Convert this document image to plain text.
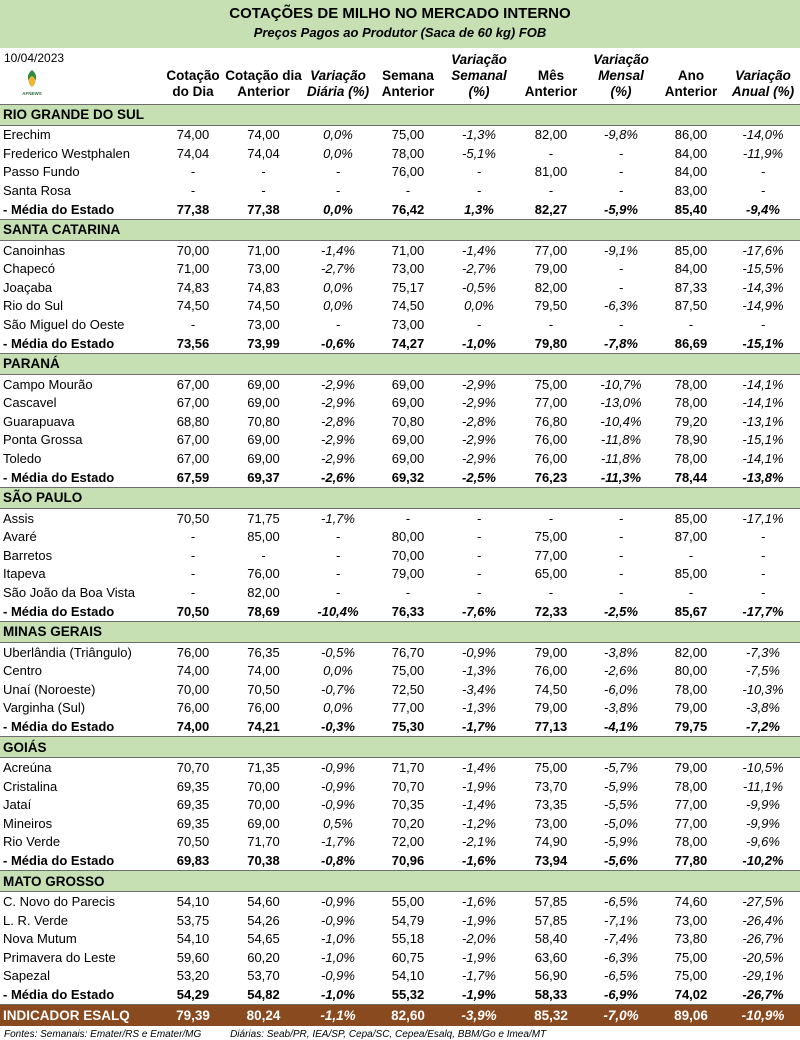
COTAÇÕES DE MILHO NO MERCADO INTERNO
Preços Pagos ao Produtor (Saca de 60 kg) FOB
10/04/2023
AFNEWS	Cotação do Dia	Cotação dia Anterior	Variação Diária (%)	Semana Anterior	Variação Semanal (%)	Mês Anterior	Variação Mensal (%)	Ano Anterior	Variação Anual (%)
RIO GRANDE DO SUL									
Erechim	74,00	74,00	0,0%	75,00	-1,3%	82,00	-9,8%	86,00	-14,0%
Frederico Westphalen	74,04	74,04	0,0%	78,00	-5,1%	-	-	84,00	-11,9%
Passo Fundo	-	-	-	76,00	-	81,00	-	84,00	-
Santa Rosa	-	-	-	-	-	-	-	83,00	-
- Média do Estado	77,38	77,38	0,0%	76,42	1,3%	82,27	-5,9%	85,40	-9,4%
SANTA CATARINA									
Canoinhas	70,00	71,00	-1,4%	71,00	-1,4%	77,00	-9,1%	85,00	-17,6%
Chapecó	71,00	73,00	-2,7%	73,00	-2,7%	79,00	-	84,00	-15,5%
Joaçaba	74,83	74,83	0,0%	75,17	-0,5%	82,00	-	87,33	-14,3%
Rio do Sul	74,50	74,50	0,0%	74,50	0,0%	79,50	-6,3%	87,50	-14,9%
São Miguel do Oeste	-	73,00	-	73,00	-	-	-	-	-
- Média do Estado	73,56	73,99	-0,6%	74,27	-1,0%	79,80	-7,8%	86,69	-15,1%
PARANÁ									
Campo Mourão	67,00	69,00	-2,9%	69,00	-2,9%	75,00	-10,7%	78,00	-14,1%
Cascavel	67,00	69,00	-2,9%	69,00	-2,9%	77,00	-13,0%	78,00	-14,1%
Guarapuava	68,80	70,80	-2,8%	70,80	-2,8%	76,80	-10,4%	79,20	-13,1%
Ponta Grossa	67,00	69,00	-2,9%	69,00	-2,9%	76,00	-11,8%	78,90	-15,1%
Toledo	67,00	69,00	-2,9%	69,00	-2,9%	76,00	-11,8%	78,00	-14,1%
- Média do Estado	67,59	69,37	-2,6%	69,32	-2,5%	76,23	-11,3%	78,44	-13,8%
SÃO PAULO									
Assis	70,50	71,75	-1,7%	-	-	-	-	85,00	-17,1%
Avaré	-	85,00	-	80,00	-	75,00	-	87,00	-
Barretos	-	-	-	70,00	-	77,00	-	-	-
Itapeva	-	76,00	-	79,00	-	65,00	-	85,00	-
São João da Boa Vista	-	82,00	-	-	-	-	-	-	-
- Média do Estado	70,50	78,69	-10,4%	76,33	-7,6%	72,33	-2,5%	85,67	-17,7%
MINAS GERAIS									
Uberlândia (Triângulo)	76,00	76,35	-0,5%	76,70	-0,9%	79,00	-3,8%	82,00	-7,3%
Centro	74,00	74,00	0,0%	75,00	-1,3%	76,00	-2,6%	80,00	-7,5%
Unaí (Noroeste)	70,00	70,50	-0,7%	72,50	-3,4%	74,50	-6,0%	78,00	-10,3%
Varginha (Sul)	76,00	76,00	0,0%	77,00	-1,3%	79,00	-3,8%	79,00	-3,8%
- Média do Estado	74,00	74,21	-0,3%	75,30	-1,7%	77,13	-4,1%	79,75	-7,2%
GOIÁS									
Acreúna	70,70	71,35	-0,9%	71,70	-1,4%	75,00	-5,7%	79,00	-10,5%
Cristalina	69,35	70,00	-0,9%	70,70	-1,9%	73,70	-5,9%	78,00	-11,1%
Jataí	69,35	70,00	-0,9%	70,35	-1,4%	73,35	-5,5%	77,00	-9,9%
Mineiros	69,35	69,00	0,5%	70,20	-1,2%	73,00	-5,0%	77,00	-9,9%
Rio Verde	70,50	71,70	-1,7%	72,00	-2,1%	74,90	-5,9%	78,00	-9,6%
- Média do Estado	69,83	70,38	-0,8%	70,96	-1,6%	73,94	-5,6%	77,80	-10,2%
MATO GROSSO									
C. Novo do Parecis	54,10	54,60	-0,9%	55,00	-1,6%	57,85	-6,5%	74,60	-27,5%
L. R. Verde	53,75	54,26	-0,9%	54,79	-1,9%	57,85	-7,1%	73,00	-26,4%
Nova Mutum	54,10	54,65	-1,0%	55,18	-2,0%	58,40	-7,4%	73,80	-26,7%
Primavera do Leste	59,60	60,20	-1,0%	60,75	-1,9%	63,60	-6,3%	75,00	-20,5%
Sapezal	53,20	53,70	-0,9%	54,10	-1,7%	56,90	-6,5%	75,00	-29,1%
- Média do Estado	54,29	54,82	-1,0%	55,32	-1,9%	58,33	-6,9%	74,02	-26,7%
INDICADOR ESALQ	79,39	80,24	-1,1%	82,60	-3,9%	85,32	-7,0%	89,06	-10,9%
Fontes: Semanais: Emater/RS e Emater/MG	Diárias: Seab/PR, IEA/SP, Cepa/SC, Cepea/Esalq, BBM/Go e Imea/MT
